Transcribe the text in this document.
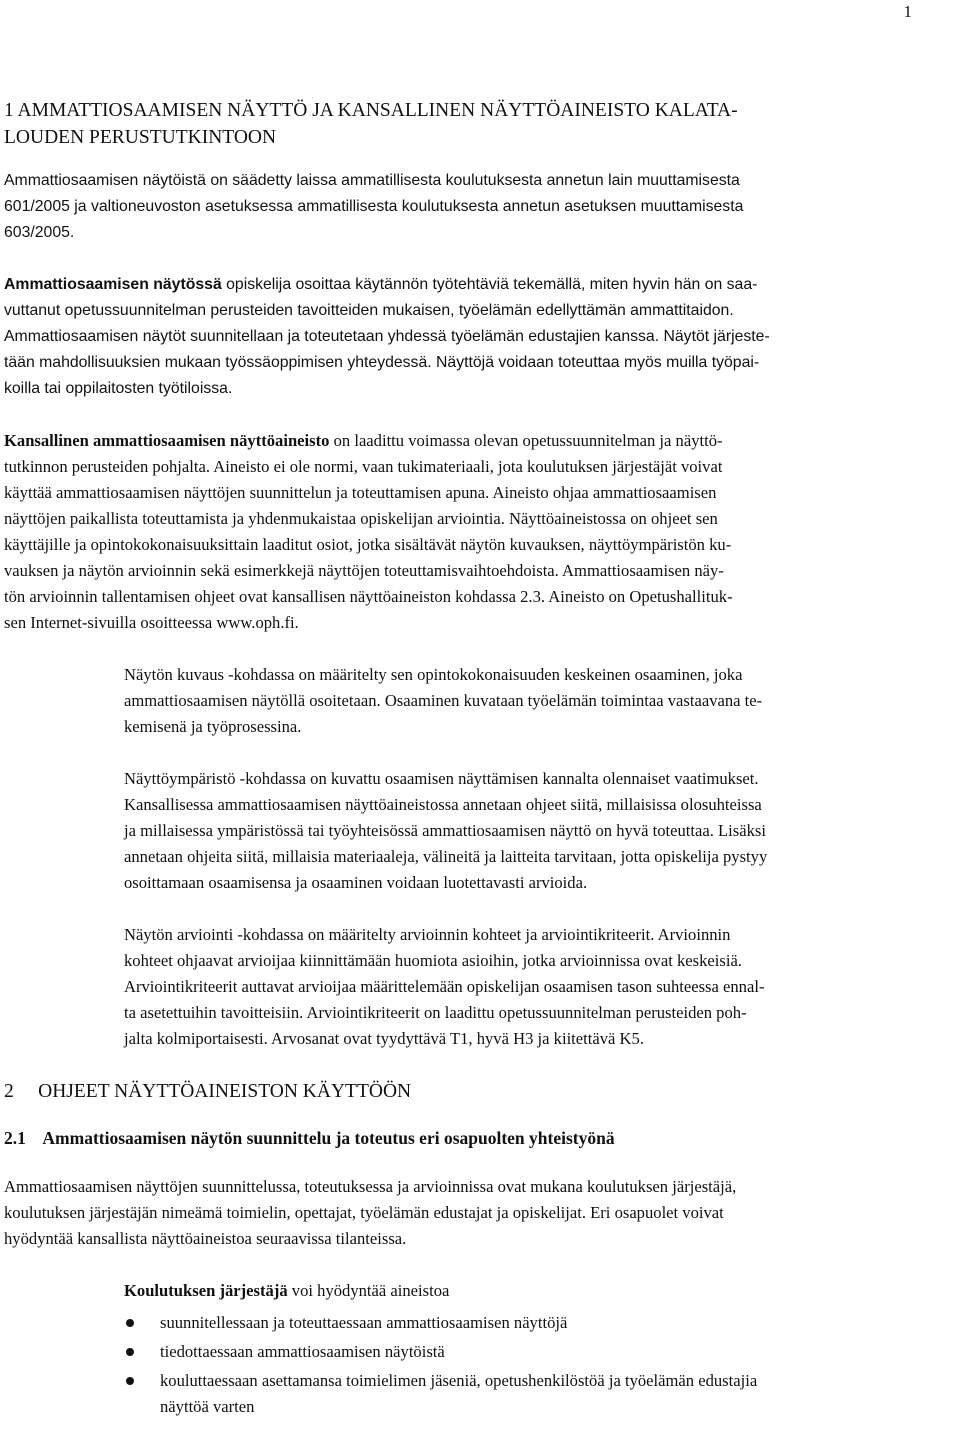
1
1 AMMATTIOSAAMISEN NÄYTTÖ JA KANSALLINEN NÄYTTÖAINEISTO KALATA-
LOUDEN PERUSTUTKINTOON

Ammattiosaamisen näytöistä on säädetty laissa ammatillisesta koulutuksesta annetun lain muuttamisesta
601/2005 ja valtioneuvoston asetuksessa ammatillisesta koulutuksesta annetun asetuksen muuttamisesta
603/2005.

Ammattiosaamisen näytössä opiskelija osoittaa käytännön työtehtäviä tekemällä, miten hyvin hän on saa-
vuttanut opetussuunnitelman perusteiden tavoitteiden mukaisen, työelämän edellyttämän ammattitaidon.
Ammattiosaamisen näytöt suunnitellaan ja toteutetaan yhdessä työelämän edustajien kanssa. Näytöt järjeste-
tään mahdollisuuksien mukaan työssäoppimisen yhteydessä. Näyttöjä voidaan toteuttaa myös muilla työpai-
koilla tai oppilaitosten työtiloissa.

Kansallinen ammattiosaamisen näyttöaineisto on laadittu voimassa olevan opetussuunnitelman ja näyttö-
tutkinnon perusteiden pohjalta. Aineisto ei ole normi, vaan tukimateriaali, jota koulutuksen järjestäjät voivat
käyttää ammattiosaamisen näyttöjen suunnittelun ja toteuttamisen apuna. Aineisto ohjaa ammattiosaamisen
näyttöjen paikallista toteuttamista ja yhdenmukaistaa opiskelijan arviointia. Näyttöaineistossa on ohjeet sen
käyttäjille ja opintokokonaisuuksittain laaditut osiot, jotka sisältävät näytön kuvauksen, näyttöympäristön ku-
vauksen ja näytön arvioinnin sekä esimerkkejä näyttöjen toteuttamisvaihtoehdoista. Ammattiosaamisen näy-
tön arvioinnin tallentamisen ohjeet ovat kansallisen näyttöaineiston kohdassa 2.3. Aineisto on Opetushallituk-
sen Internet-sivuilla osoitteessa www.oph.fi.

Näytön kuvaus -kohdassa on määritelty sen opintokokonaisuuden keskeinen osaaminen, joka
ammattiosaamisen näytöllä osoitetaan. Osaaminen kuvataan työelämän toimintaa vastaavana te-
kemisenä ja työprosessina.

Näyttöympäristö -kohdassa on kuvattu osaamisen näyttämisen kannalta olennaiset vaatimukset.
Kansallisessa ammattiosaamisen näyttöaineistossa annetaan ohjeet siitä, millaisissa olosuhteissa
ja millaisessa ympäristössä tai työyhteisössä ammattiosaamisen näyttö on hyvä toteuttaa. Lisäksi
annetaan ohjeita siitä, millaisia materiaaleja, välineitä ja laitteita tarvitaan, jotta opiskelija pystyy
osoittamaan osaamisensa ja osaaminen voidaan luotettavasti arvioida.

Näytön arviointi -kohdassa on määritelty arvioinnin kohteet ja arviointikriteerit. Arvioinnin
kohteet ohjaavat arvioijaa kiinnittämään huomiota asioihin, jotka arvioinnissa ovat keskeisiä.
Arviointikriteerit auttavat arvioijaa määrittelemään opiskelijan osaamisen tason suhteessa ennal-
ta asetettuihin tavoitteisiin. Arviointikriteerit on laadittu opetussuunnitelman perusteiden poh-
jalta kolmiportaisesti. Arvosanat ovat tyydyttävä T1, hyvä H3 ja kiitettävä K5.

2     OHJEET NÄYTTÖAINEISTON KÄYTTÖÖN
2.1    Ammattiosaamisen näytön suunnittelu ja toteutus eri osapuolten yhteistyönä

Ammattiosaamisen näyttöjen suunnittelussa, toteutuksessa ja arvioinnissa ovat mukana koulutuksen järjestäjä,
koulutuksen järjestäjän nimeämä toimielin, opettajat, työelämän edustajat ja opiskelijat. Eri osapuolet voivat
hyödyntää kansallista näyttöaineistoa seuraavissa tilanteissa.

Koulutuksen järjestäjä voi hyödyntää aineistoa

suunnitellessaan ja toteuttaessaan ammattiosaamisen näyttöjä
tiedottaessaan ammattiosaamisen näytöistä
kouluttaessaan asettamansa toimielimen jäseniä, opetushenkilöstöä ja työelämän edustajia
näyttöä varten
